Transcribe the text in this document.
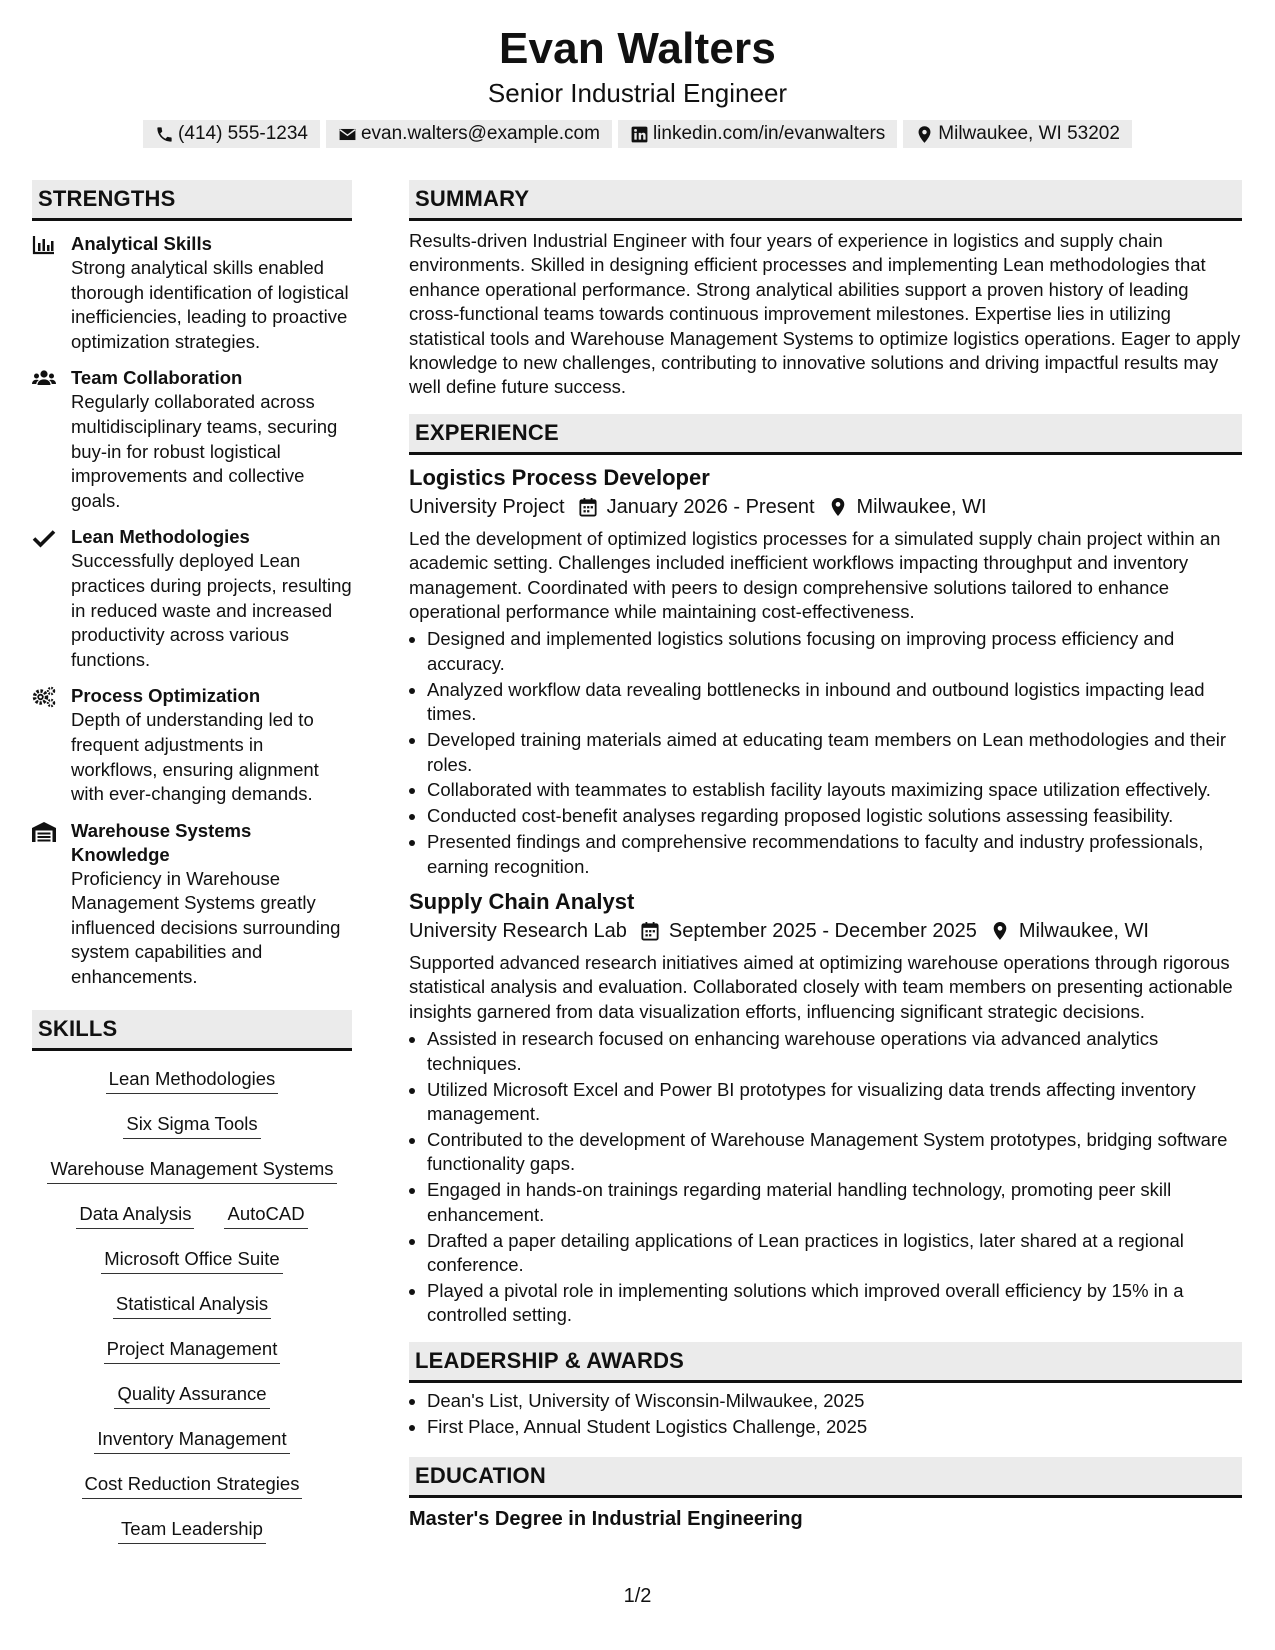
Evan Walters
Senior Industrial Engineer
(414) 555-1234	evan.walters@example.com	linkedin.com/in/evanwalters	Milwaukee, WI 53202
STRENGTHS
Analytical Skills
Strong analytical skills enabled thorough identification of logistical inefficiencies, leading to proactive optimization strategies.
Team Collaboration
Regularly collaborated across multidisciplinary teams, securing buy-in for robust logistical improvements and collective goals.
Lean Methodologies
Successfully deployed Lean practices during projects, resulting in reduced waste and increased productivity across various functions.
Process Optimization
Depth of understanding led to frequent adjustments in workflows, ensuring alignment with ever-changing demands.
Warehouse Systems Knowledge
Proficiency in Warehouse Management Systems greatly influenced decisions surrounding system capabilities and enhancements.
SKILLS
Lean Methodologies
Six Sigma Tools
Warehouse Management Systems
Data Analysis AutoCAD
Microsoft Office Suite
Statistical Analysis
Project Management
Quality Assurance
Inventory Management
Cost Reduction Strategies
Team Leadership
SUMMARY
Results-driven Industrial Engineer with four years of experience in logistics and supply chain environments. Skilled in designing efficient processes and implementing Lean methodologies that enhance operational performance. Strong analytical abilities support a proven history of leading cross-functional teams towards continuous improvement milestones. Expertise lies in utilizing statistical tools and Warehouse Management Systems to optimize logistics operations. Eager to apply knowledge to new challenges, contributing to innovative solutions and driving impactful results may well define future success.
EXPERIENCE
Logistics Process Developer
University Project January 2026 - Present Milwaukee, WI
Led the development of optimized logistics processes for a simulated supply chain project within an academic setting. Challenges included inefficient workflows impacting throughput and inventory management. Coordinated with peers to design comprehensive solutions tailored to enhance operational performance while maintaining cost-effectiveness.
• Designed and implemented logistics solutions focusing on improving process efficiency and accuracy.
• Analyzed workflow data revealing bottlenecks in inbound and outbound logistics impacting lead times.
• Developed training materials aimed at educating team members on Lean methodologies and their roles.
• Collaborated with teammates to establish facility layouts maximizing space utilization effectively.
• Conducted cost-benefit analyses regarding proposed logistic solutions assessing feasibility.
• Presented findings and comprehensive recommendations to faculty and industry professionals, earning recognition.
Supply Chain Analyst
University Research Lab September 2025 - December 2025 Milwaukee, WI
Supported advanced research initiatives aimed at optimizing warehouse operations through rigorous statistical analysis and evaluation. Collaborated closely with team members on presenting actionable insights garnered from data visualization efforts, influencing significant strategic decisions.
• Assisted in research focused on enhancing warehouse operations via advanced analytics techniques.
• Utilized Microsoft Excel and Power BI prototypes for visualizing data trends affecting inventory management.
• Contributed to the development of Warehouse Management System prototypes, bridging software functionality gaps.
• Engaged in hands-on trainings regarding material handling technology, promoting peer skill enhancement.
• Drafted a paper detailing applications of Lean practices in logistics, later shared at a regional conference.
• Played a pivotal role in implementing solutions which improved overall efficiency by 15% in a controlled setting.
LEADERSHIP & AWARDS
• Dean's List, University of Wisconsin-Milwaukee, 2025
• First Place, Annual Student Logistics Challenge, 2025
EDUCATION
Master's Degree in Industrial Engineering
1/2
